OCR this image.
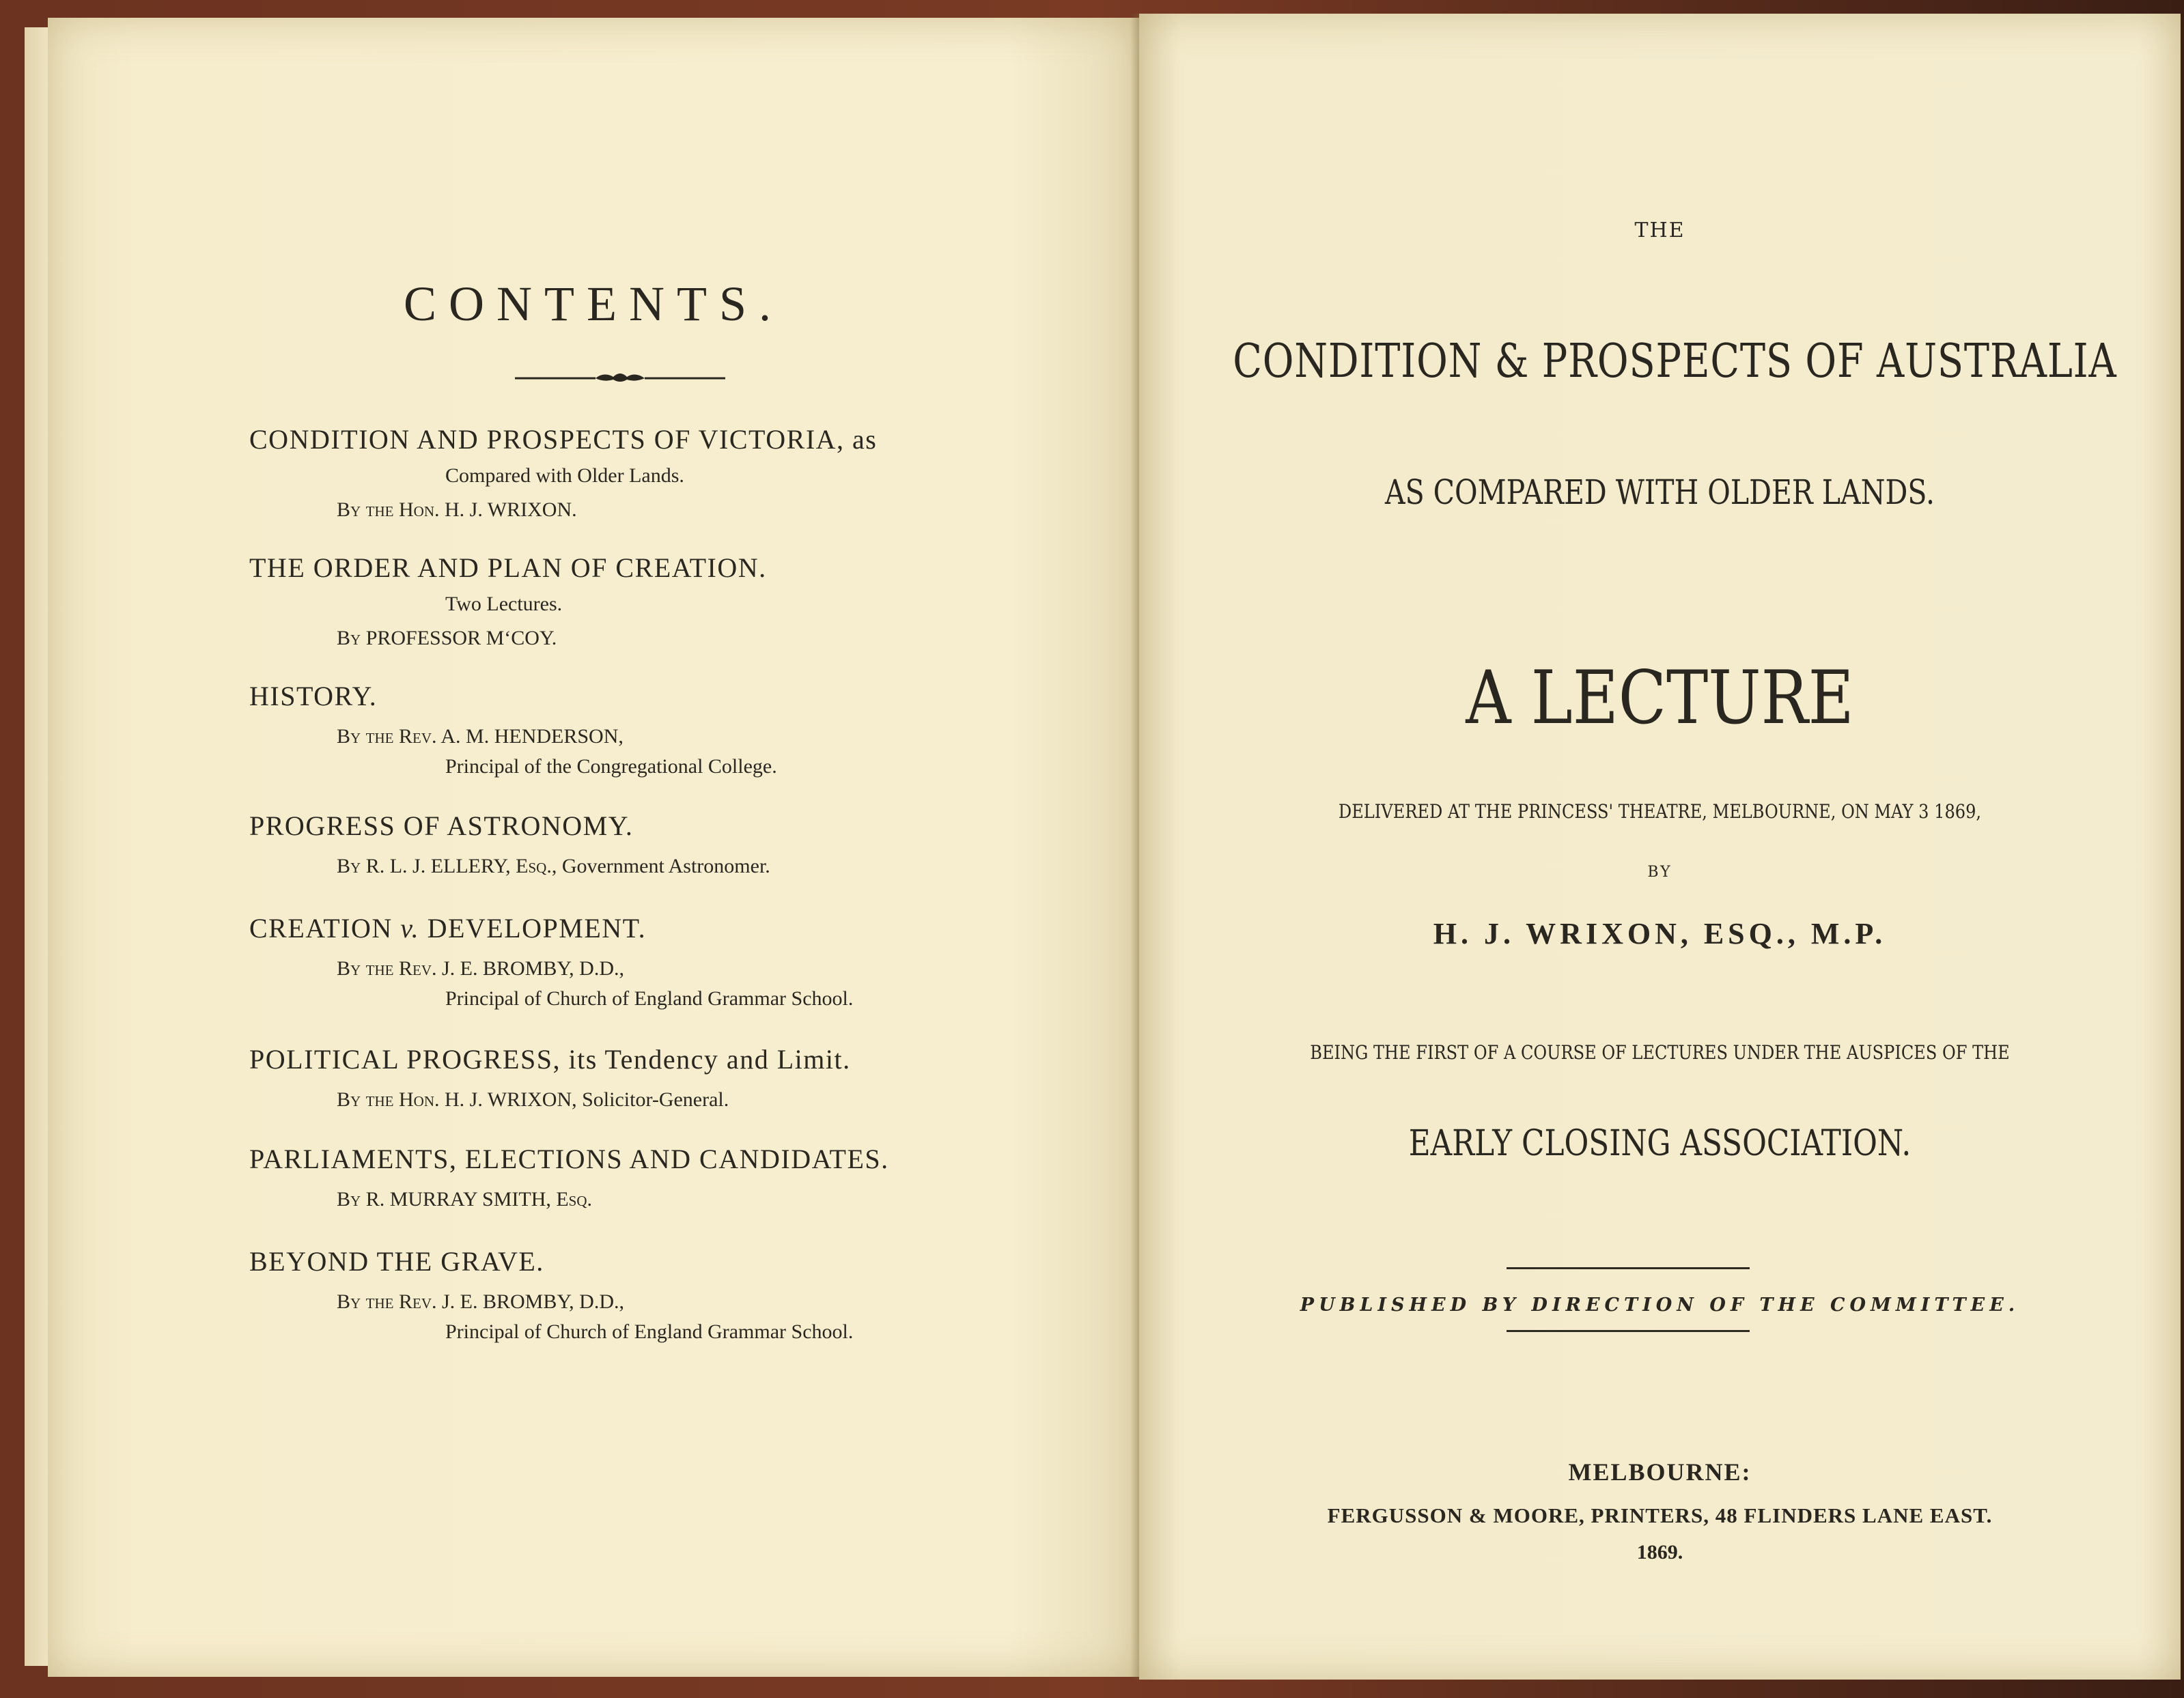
CONTENTS.
CONDITION AND PROSPECTS OF VICTORIA, as
Compared with Older Lands.
By the Hon. H. J. WRIXON.
THE ORDER AND PLAN OF CREATION.
Two Lectures.
By PROFESSOR M‘COY.
HISTORY.
By the Rev. A. M. HENDERSON,
Principal of the Congregational College.
PROGRESS OF ASTRONOMY.
By R. L. J. ELLERY, Esq., Government Astronomer.
CREATION v. DEVELOPMENT.
By the Rev. J. E. BROMBY, D.D.,
Principal of Church of England Grammar School.
POLITICAL PROGRESS, its Tendency and Limit.
By the Hon. H. J. WRIXON, Solicitor-General.
PARLIAMENTS, ELECTIONS AND CANDIDATES.
By R. MURRAY SMITH, Esq.
BEYOND THE GRAVE.
By the Rev. J. E. BROMBY, D.D.,
Principal of Church of England Grammar School.
THE
CONDITION & PROSPECTS OF AUSTRALIA
AS COMPARED WITH OLDER LANDS.
A LECTURE
DELIVERED AT THE PRINCESS' THEATRE, MELBOURNE, ON MAY 3 1869,
BY
H. J. WRIXON, ESQ., M.P.
BEING THE FIRST OF A COURSE OF LECTURES UNDER THE AUSPICES OF THE
EARLY CLOSING ASSOCIATION.
PUBLISHED BY DIRECTION OF THE COMMITTEE.
MELBOURNE:
FERGUSSON & MOORE, PRINTERS, 48 FLINDERS LANE EAST.
1869.
